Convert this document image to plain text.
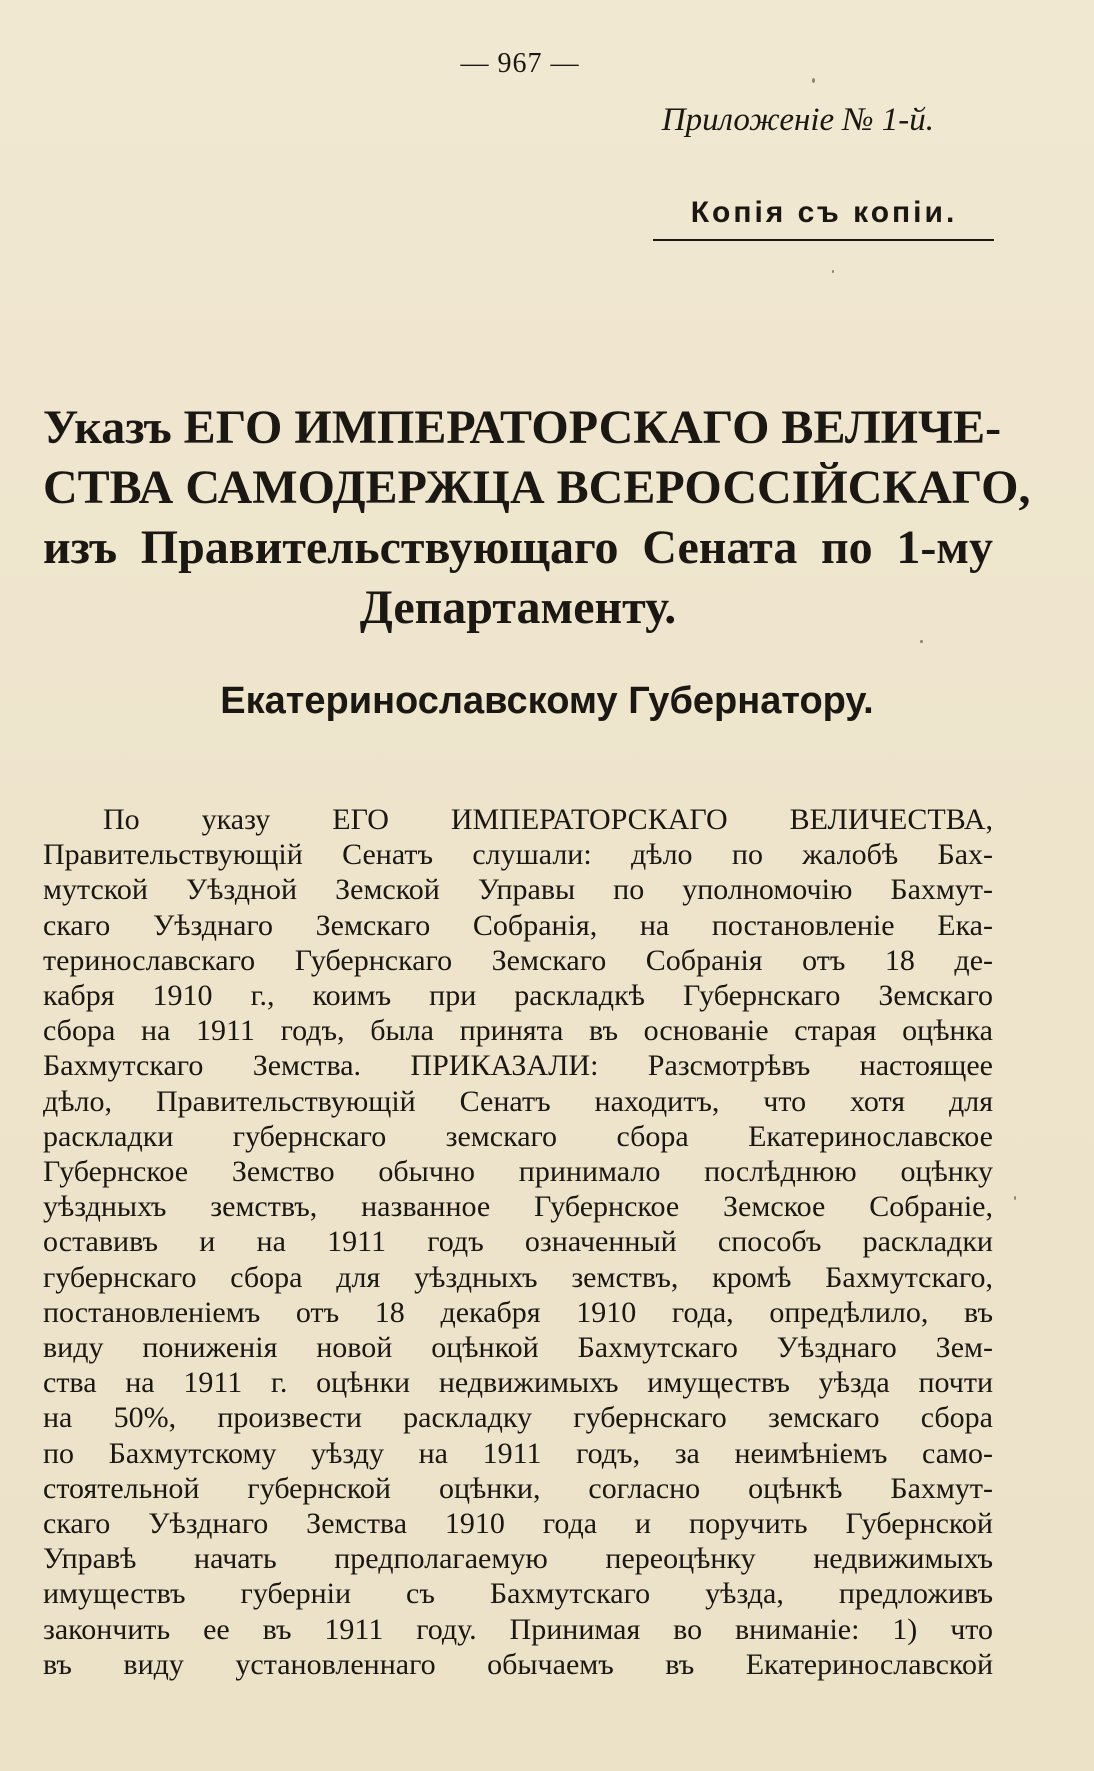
— 967 —
Приложеніе № 1-й.
Копія съ копіи.
Указъ ЕГО ИМПЕРАТОРСКАГО ВЕЛИЧЕ-
СТВА САМОДЕРЖЦА ВСЕРОССІЙСКАГО,
изъ Правительствующаго Сената по 1-му
Департаменту.
Екатеринославскому Губернатору.
По указу ЕГО ИМПЕРАТОРСКАГО ВЕЛИЧЕСТВА,
Правительствующій Сенатъ слушали: дѣло по жалобѣ Бах-
мутской Уѣздной Земской Управы по уполномочію Бахмут-
скаго Уѣзднаго Земскаго Собранія, на постановленіе Ека-
теринославскаго Губернскаго Земскаго Собранія отъ 18 де-
кабря 1910 г., коимъ при раскладкѣ Губернскаго Земскаго
сбора на 1911 годъ, была принята въ основаніе старая оцѣнка
Бахмутскаго Земства. ПРИКАЗАЛИ: Разсмотрѣвъ настоящее
дѣло, Правительствующій Сенатъ находитъ, что хотя для
раскладки губернскаго земскаго сбора Екатеринославское
Губернское Земство обычно принимало послѣднюю оцѣнку
уѣздныхъ земствъ, названное Губернское Земское Собраніе,
оставивъ и на 1911 годъ означенный способъ раскладки
губернскаго сбора для уѣздныхъ земствъ, кромѣ Бахмутскаго,
постановленіемъ отъ 18 декабря 1910 года, опредѣлило, въ
виду пониженія новой оцѣнкой Бахмутскаго Уѣзднаго Зем-
ства на 1911 г. оцѣнки недвижимыхъ имуществъ уѣзда почти
на 50%, произвести раскладку губернскаго земскаго сбора
по Бахмутскому уѣзду на 1911 годъ, за неимѣніемъ само-
стоятельной губернской оцѣнки, согласно оцѣнкѣ Бахмут-
скаго Уѣзднаго Земства 1910 года и поручить Губернской
Управѣ начать предполагаемую переоцѣнку недвижимыхъ
имуществъ губерніи съ Бахмутскаго уѣзда, предложивъ
закончить ее въ 1911 году. Принимая во вниманіе: 1) что
въ виду установленнаго обычаемъ въ Екатеринославской
